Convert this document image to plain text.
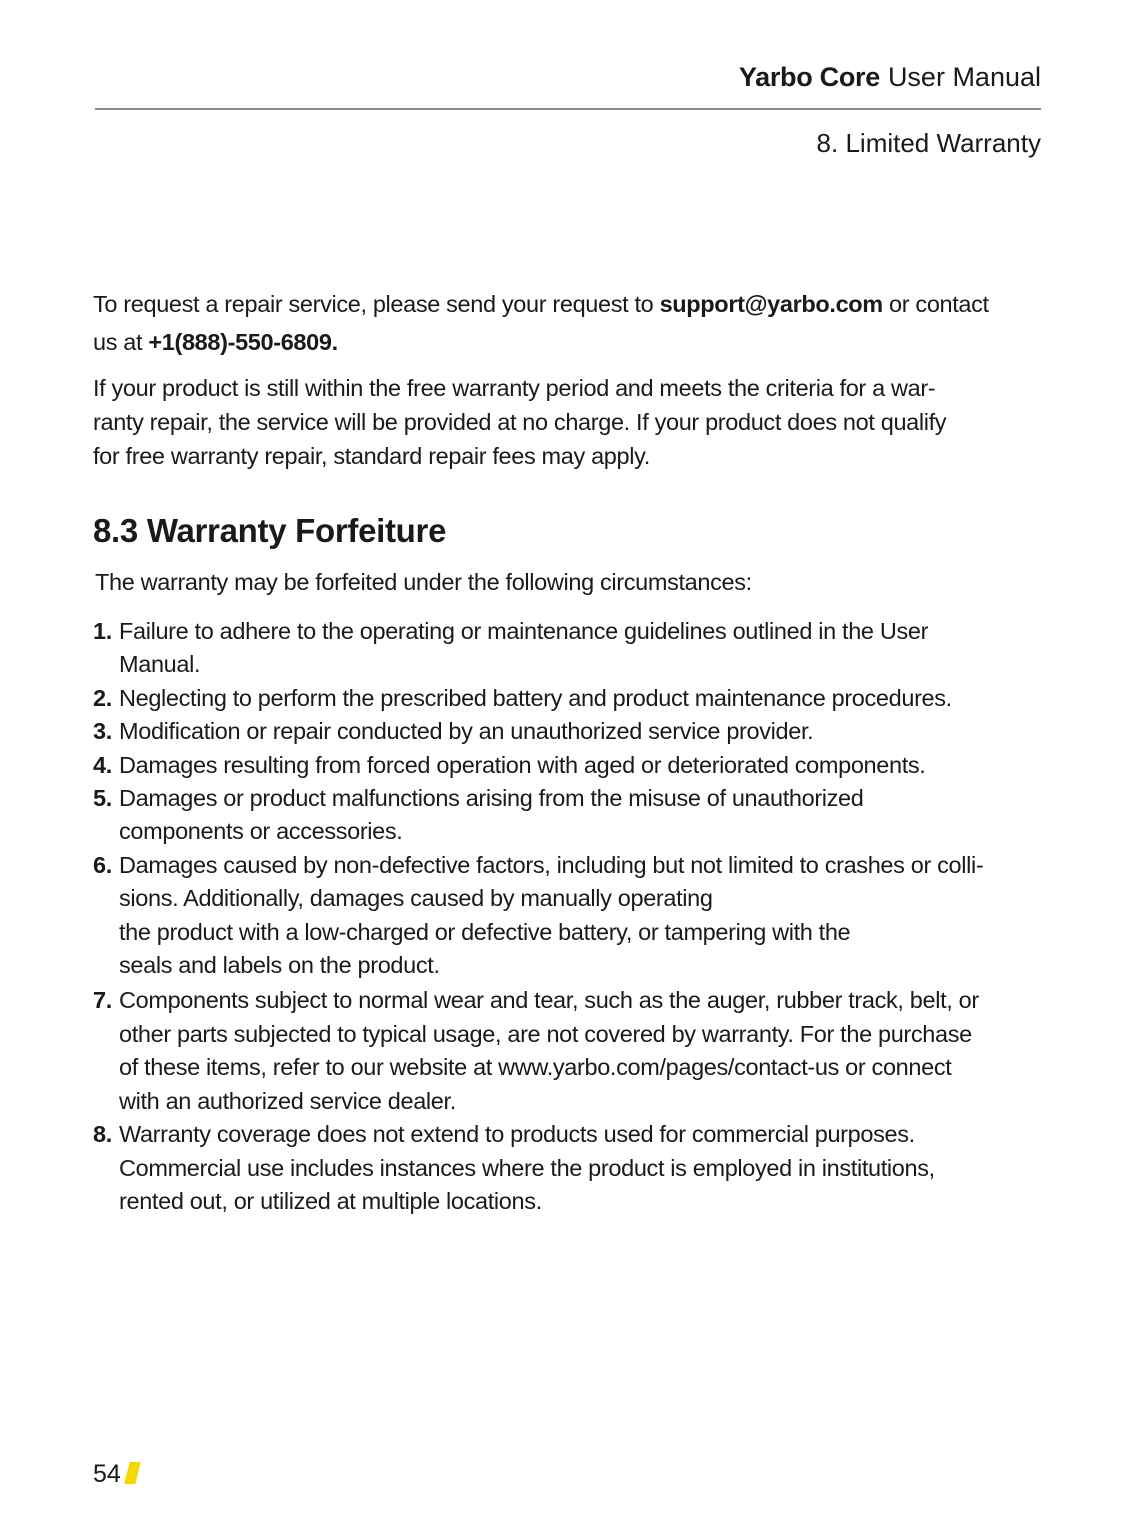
Yarbo Core User Manual
8. Limited Warranty

To request a repair service, please send your request to support@yarbo.com or contact
us at +1(888)-550-6809.

If your product is still within the free warranty period and meets the criteria for a war-
ranty repair, the service will be provided at no charge. If your product does not qualify
for free warranty repair, standard repair fees may apply.

8.3 Warranty Forfeiture

The warranty may be forfeited under the following circumstances:

1. Failure to adhere to the operating or maintenance guidelines outlined in the User
Manual.
2. Neglecting to perform the prescribed battery and product maintenance procedures.
3. Modification or repair conducted by an unauthorized service provider.
4. Damages resulting from forced operation with aged or deteriorated components.
5. Damages or product malfunctions arising from the misuse of unauthorized
components or accessories.
6. Damages caused by non-defective factors, including but not limited to crashes or colli-
sions. Additionally, damages caused by manually operating
the product with a low-charged or defective battery, or tampering with the
seals and labels on the product.
7. Components subject to normal wear and tear, such as the auger, rubber track, belt, or
other parts subjected to typical usage, are not covered by warranty. For the purchase
of these items, refer to our website at www.yarbo.com/pages/contact-us or connect
with an authorized service dealer.
8. Warranty coverage does not extend to products used for commercial purposes.
Commercial use includes instances where the product is employed in institutions,
rented out, or utilized at multiple locations.
54
